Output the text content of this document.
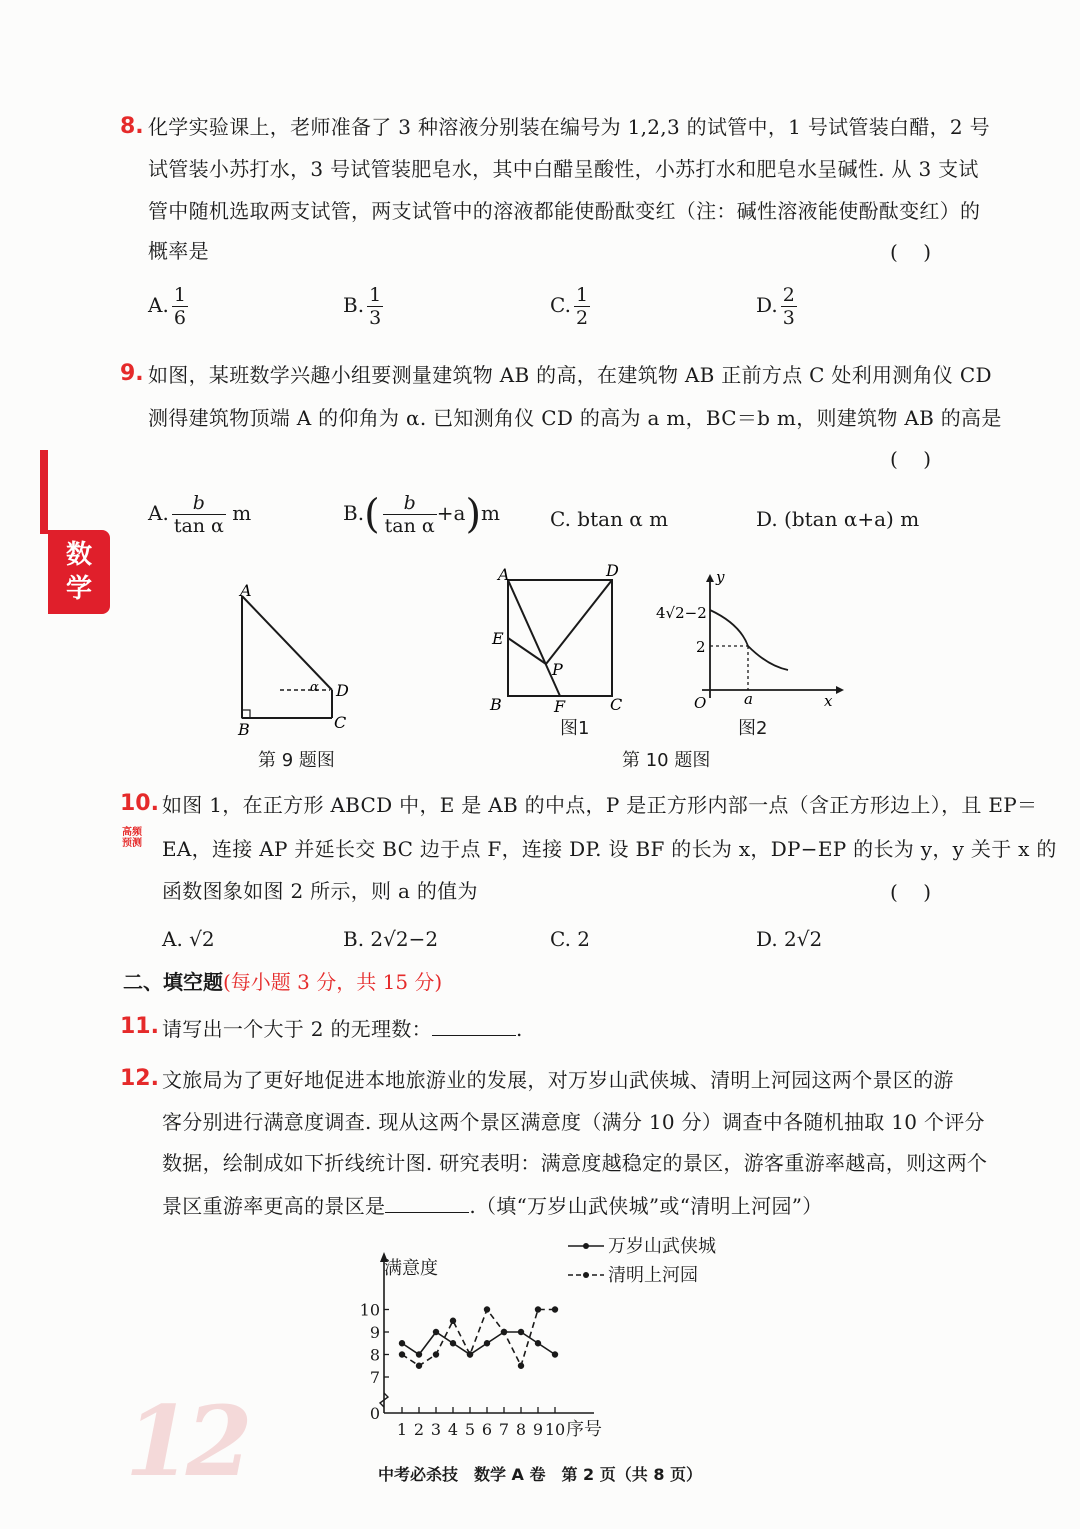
数
学
8. 化学实验课上，老师准备了 3 种溶液分别装在编号为 1,2,3 的试管中，1 号试管装白醋，2 号
试管装小苏打水，3 号试管装肥皂水，其中白醋呈酸性，小苏打水和肥皂水呈碱性. 从 3 支试
管中随机选取两支试管，两支试管中的溶液都能使酚酞变红（注：碱性溶液能使酚酞变红）的
概率是	(    )
A. $\frac{1}{6}$	B. $\frac{1}{3}$	C. $\frac{1}{2}$	D. $\frac{2}{3}$
9. 如图，某班数学兴趣小组要测量建筑物 AB 的高，在建筑物 AB 正前方点 C 处利用测角仪 CD
测得建筑物顶端 A 的仰角为 α. 已知测角仪 CD 的高为 a m，BC＝b m，则建筑物 AB 的高是
(    )
A. $\frac{b}{\text{tan α}}$ m	$B.( \frac{b}{\text{tan α}} +a)m$ C. btan α m	D. (btan α+a) m
A
B	C
D
α
第 9 题图
A	D
E
P
B	F	C
图1
y
x
O	a
4√2−2
2
图2
第 10 题图
10.
高频预测
如图 1，在正方形 ABCD 中，E 是 AB 的中点，P 是正方形内部一点（含正方形边上），且 EP＝
EA，连接 AP 并延长交 BC 边于点 F，连接 DP. 设 BF 的长为 x，DP−EP 的长为 y，y 关于 x 的
函数图象如图 2 所示，则 a 的值为	(    )
A. √2	B. 2√2−2	C. 2	D. 2√2
二、填空题(每小题 3 分，共 15 分)
11. 请写出一个大于 2 的无理数：	.
12. 文旅局为了更好地促进本地旅游业的发展，对万岁山武侠城、清明上河园这两个景区的游
客分别进行满意度调查. 现从这两个景区满意度（满分 10 分）调查中各随机抽取 10 个评分
数据，绘制成如下折线统计图. 研究表明：满意度越稳定的景区，游客重游率越高，则这两个
景区重游率更高的景区是	.（填“万岁山武侠城”或“清明上河园”）
0
7
8
9
10
满意度
1 2 3 4 5 6 7 8 9 10 序号
万岁山武侠城
清明上河园
12	中考必杀技　数学 A 卷　第 2 页（共 8 页）
